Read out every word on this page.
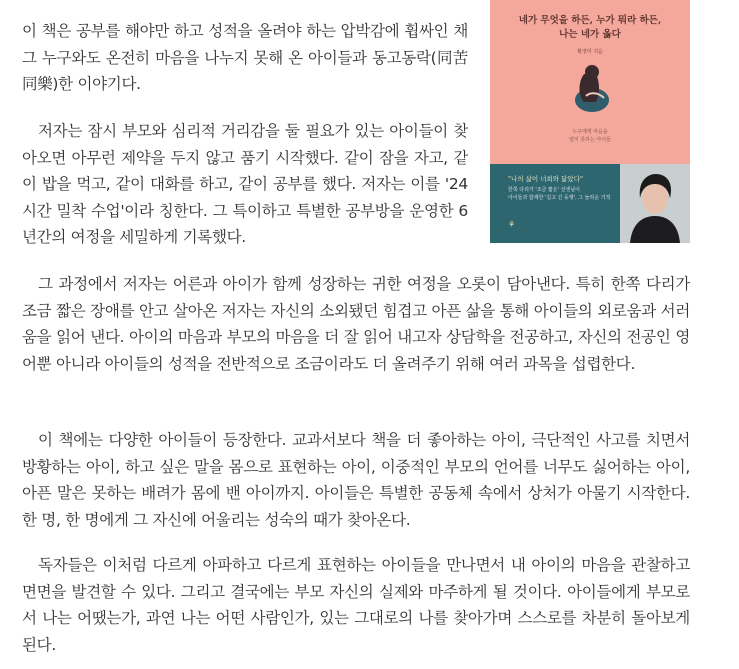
이 책은 공부를 해야만 하고 성적을 올려야 하는 압박감에 휩싸인 채 그 누구와도 온전히 마음을 나누지 못해 온 아이들과 동고동락(同苦同樂)한 이야기다.

저자는 잠시 부모와 심리적 거리감을 둘 필요가 있는 아이들이 찾아오면 아무런 제약을 두지 않고 품기 시작했다. 같이 잠을 자고, 같이 밥을 먹고, 같이 대화를 하고, 같이 공부를 했다. 저자는 이를 '24시간 밀착 수업'이라 칭한다. 그 특이하고 특별한 공부방을 운영한 6년간의 여정을 세밀하게 기록했다.

그 과정에서 저자는 어른과 아이가 함께 성장하는 귀한 여정을 오롯이 담아낸다. 특히 한쪽 다리가 조금 짧은 장애를 안고 살아온 저자는 자신의 소외됐던 힘겹고 아픈 삶을 통해 아이들의 외로움과 서러움을 읽어 낸다. 아이의 마음과 부모의 마음을 더 잘 읽어 내고자 상담학을 전공하고, 자신의 전공인 영어뿐 아니라 아이들의 성적을 전반적으로 조금이라도 더 올려주기 위해 여러 과목을 섭렵한다.

이 책에는 다양한 아이들이 등장한다. 교과서보다 책을 더 좋아하는 아이, 극단적인 사고를 치면서 방황하는 아이, 하고 싶은 말을 몸으로 표현하는 아이, 이중적인 부모의 언어를 너무도 싫어하는 아이, 아픈 말은 못하는 배려가 몸에 밴 아이까지. 아이들은 특별한 공동체 속에서 상처가 아물기 시작한다. 한 명, 한 명에게 그 자신에 어울리는 성숙의 때가 찾아온다.

독자들은 이처럼 다르게 아파하고 다르게 표현하는 아이들을 만나면서 내 아이의 마음을 관찰하고 면면을 발견할 수 있다. 그리고 결국에는 부모 자신의 실제와 마주하게 될 것이다. 아이들에게 부모로서 나는 어땠는가, 과연 나는 어떤 사람인가, 있는 그대로의 나를 찾아가며 스스로를 차분히 돌아보게 된다.

네가 무엇을 하든, 누가 뭐라 하든,
나는 네가 옳다
황정미 지음
누구에게 마음을
열지 못하는 아이들
"나의 삶이 너희와 닮았다"
한쪽 다리가 '조금 짧은' 선생님이
아이들과 함께한 '길고 긴 동행', 그 놀라운 기적
⚘
